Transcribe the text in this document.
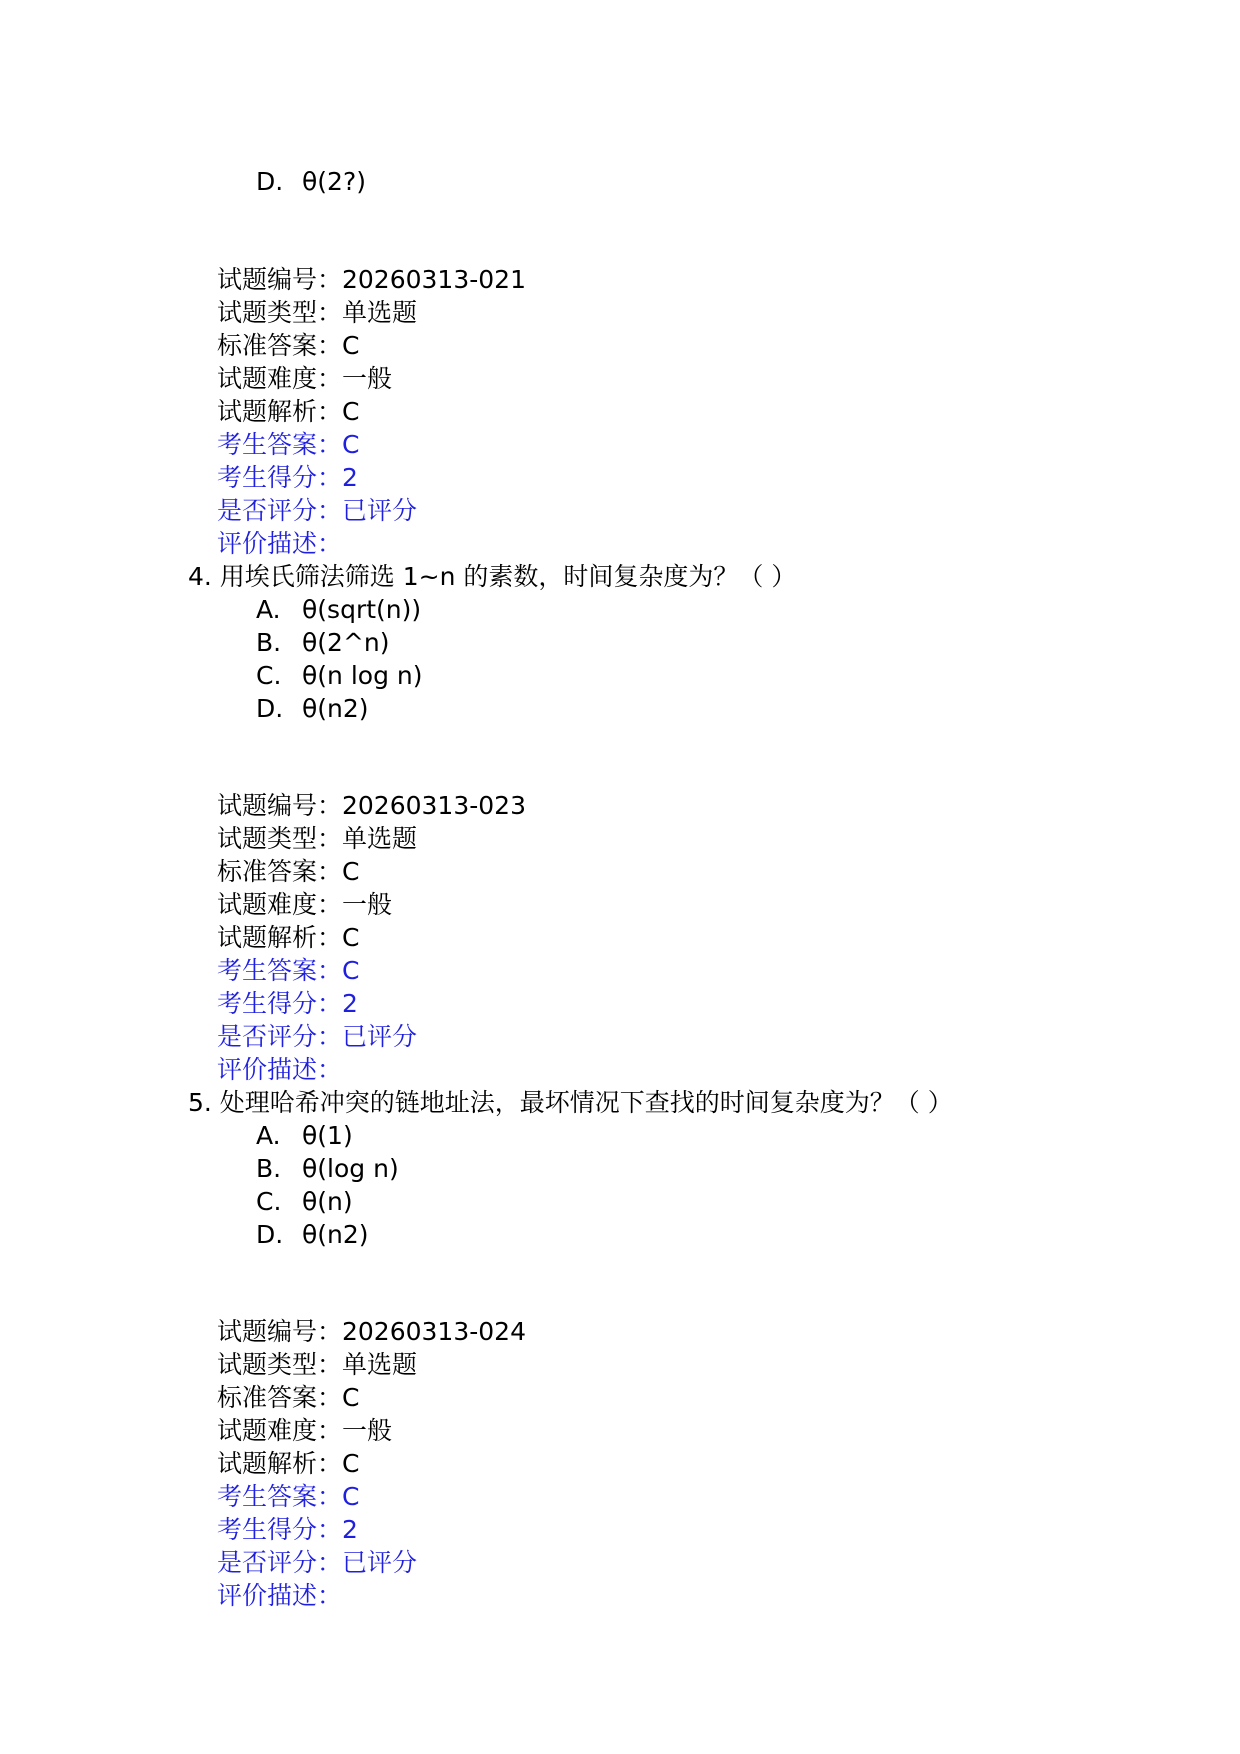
D. θ(2?)
试题编号：20260313-021
试题类型：单选题
标准答案：C
试题难度：一般
试题解析：C
考生答案：C
考生得分：2
是否评分：已评分
评价描述：
4. 用埃氏筛法筛选 1~n 的素数，时间复杂度为？（ ）
A. θ(sqrt(n))
B. θ(2^n)
C. θ(n log n)
D. θ(n2)
试题编号：20260313-023
试题类型：单选题
标准答案：C
试题难度：一般
试题解析：C
考生答案：C
考生得分：2
是否评分：已评分
评价描述：
5. 处理哈希冲突的链地址法，最坏情况下查找的时间复杂度为？（ ）
A. θ(1)
B. θ(log n)
C. θ(n)
D. θ(n2)
试题编号：20260313-024
试题类型：单选题
标准答案：C
试题难度：一般
试题解析：C
考生答案：C
考生得分：2
是否评分：已评分
评价描述：
